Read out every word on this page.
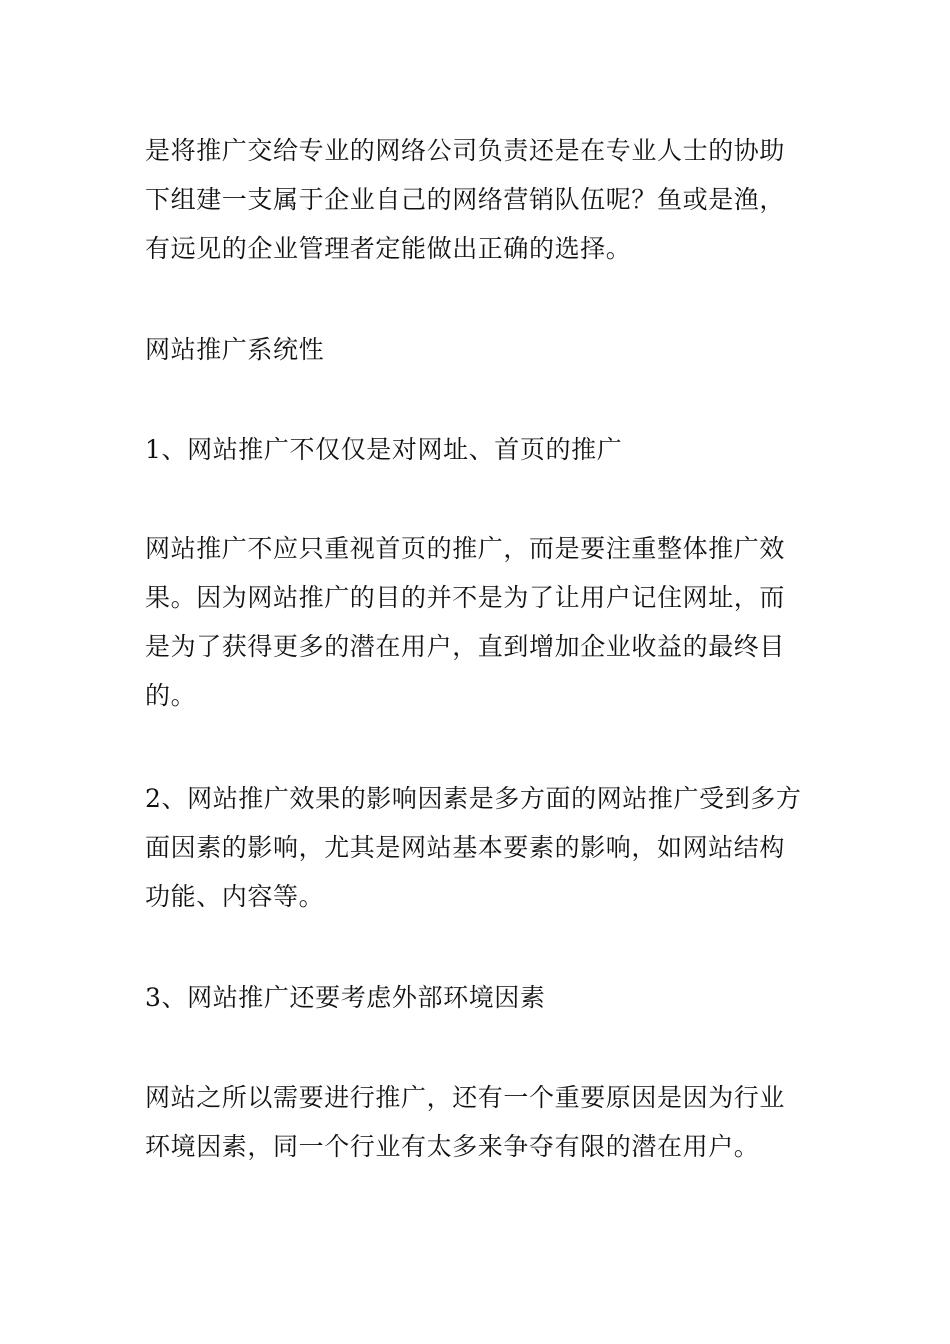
是将推广交给专业的网络公司负责还是在专业人士的协助
下组建一支属于企业自己的网络营销队伍呢？鱼或是渔，
有远见的企业管理者定能做出正确的选择。

网站推广系统性

1、网站推广不仅仅是对网址、首页的推广

网站推广不应只重视首页的推广，而是要注重整体推广效
果。因为网站推广的目的并不是为了让用户记住网址，而
是为了获得更多的潜在用户，直到增加企业收益的最终目
的。

2、网站推广效果的影响因素是多方面的网站推广受到多方
面因素的影响，尤其是网站基本要素的影响，如网站结构
功能、内容等。

3、网站推广还要考虑外部环境因素

网站之所以需要进行推广，还有一个重要原因是因为行业
环境因素，同一个行业有太多来争夺有限的潜在用户。
